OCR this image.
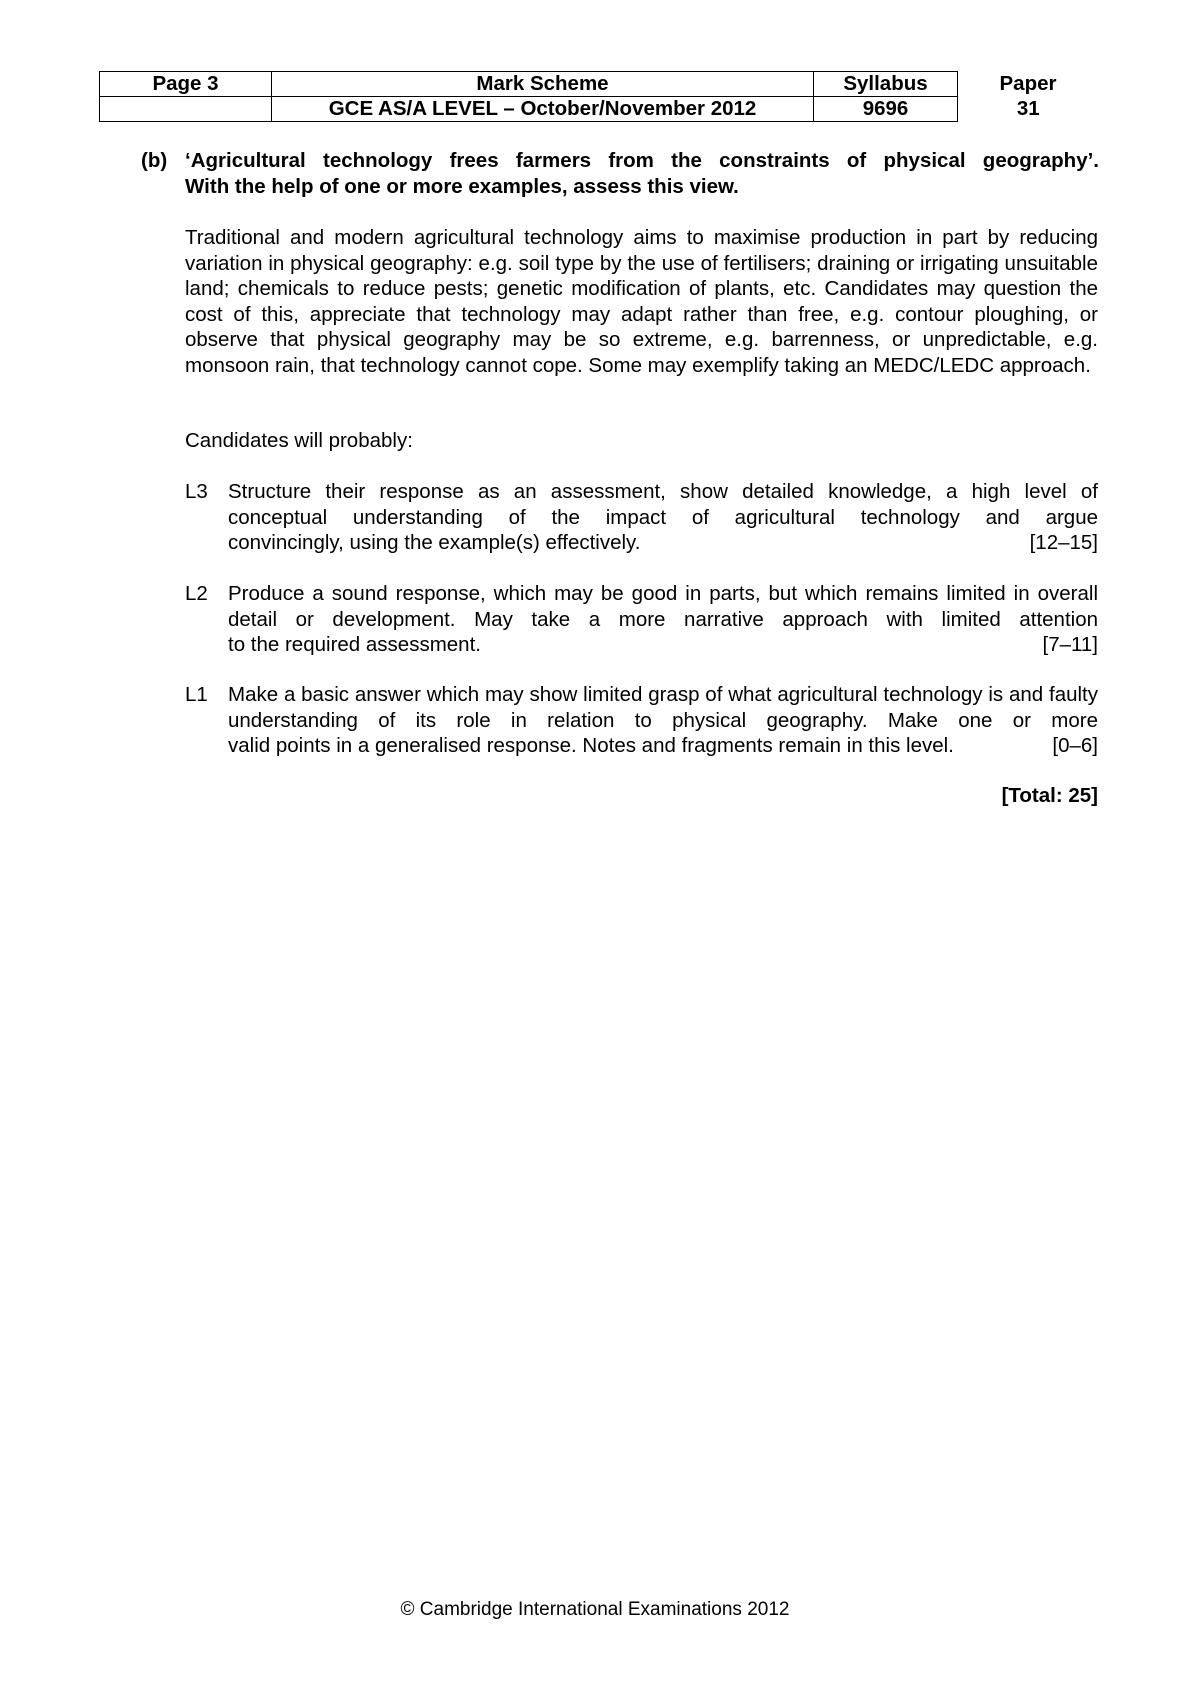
Page 3	Mark Scheme	Syllabus	Paper
	GCE AS/A LEVEL – October/November 2012	9696	31
(b) ‘Agricultural technology frees farmers from the constraints of physical geography’.
With the help of one or more examples, assess this view.
Traditional and modern agricultural technology aims to maximise production in part by reducing variation in physical geography: e.g. soil type by the use of fertilisers; draining or irrigating unsuitable land; chemicals to reduce pests; genetic modification of plants, etc. Candidates may question the cost of this, appreciate that technology may adapt rather than free, e.g. contour ploughing, or observe that physical geography may be so extreme, e.g. barrenness, or unpredictable, e.g. monsoon rain, that technology cannot cope. Some may exemplify taking an MEDC/LEDC approach.
Candidates will probably:
L3 Structure their response as an assessment, show detailed knowledge, a high level of conceptual understanding of the impact of agricultural technology and argue
convincingly, using the example(s) effectively.	[12–15]
L2 Produce a sound response, which may be good in parts, but which remains limited in overall detail or development. May take a more narrative approach with limited attention
to the required assessment.	[7–11]
L1 Make a basic answer which may show limited grasp of what agricultural technology is and faulty understanding of its role in relation to physical geography. Make one or more
valid points in a generalised response. Notes and fragments remain in this level.	[0–6]
[Total: 25]
© Cambridge International Examinations 2012
